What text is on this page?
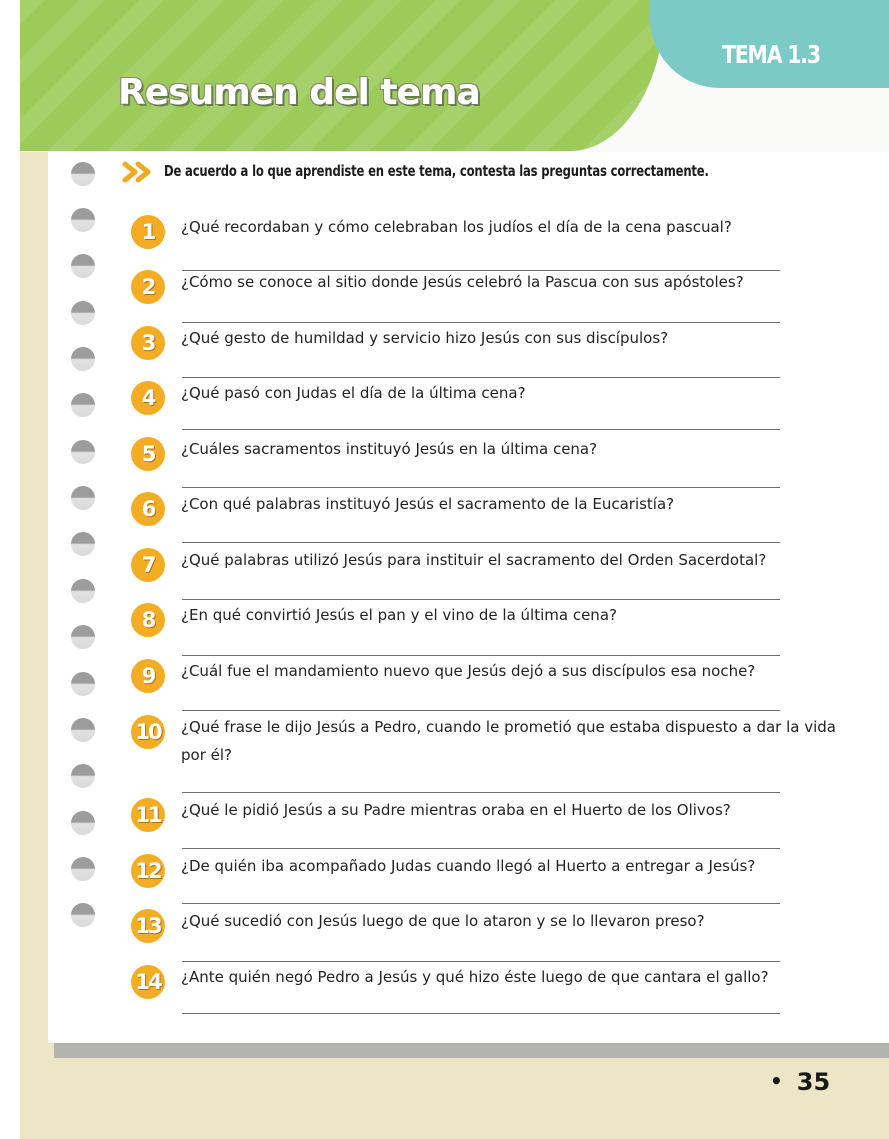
TEMA 1.3
Resumen del tema
De acuerdo a lo que aprendiste en este tema, contesta las preguntas correctamente.
1	¿Qué recordaban y cómo celebraban los judíos el día de la cena pascual?
2	¿Cómo se conoce al sitio donde Jesús celebró la Pascua con sus apóstoles?
3	¿Qué gesto de humildad y servicio hizo Jesús con sus discípulos?
4	¿Qué pasó con Judas el día de la última cena?
5	¿Cuáles sacramentos instituyó Jesús en la última cena?
6	¿Con qué palabras instituyó Jesús el sacramento de la Eucaristía?
7	¿Qué palabras utilizó Jesús para instituir el sacramento del Orden Sacerdotal?
8	¿En qué convirtió Jesús el pan y el vino de la última cena?
9	¿Cuál fue el mandamiento nuevo que Jesús dejó a sus discípulos esa noche?
10 ¿Qué frase le dijo Jesús a Pedro, cuando le prometió que estaba dispuesto a dar la vida por él?
11 ¿Qué le pidió Jesús a su Padre mientras oraba en el Huerto de los Olivos?
12 ¿De quién iba acompañado Judas cuando llegó al Huerto a entregar a Jesús?
13 ¿Qué sucedió con Jesús luego de que lo ataron y se lo llevaron preso?
14 ¿Ante quién negó Pedro a Jesús y qué hizo éste luego de que cantara el gallo?
• 35
